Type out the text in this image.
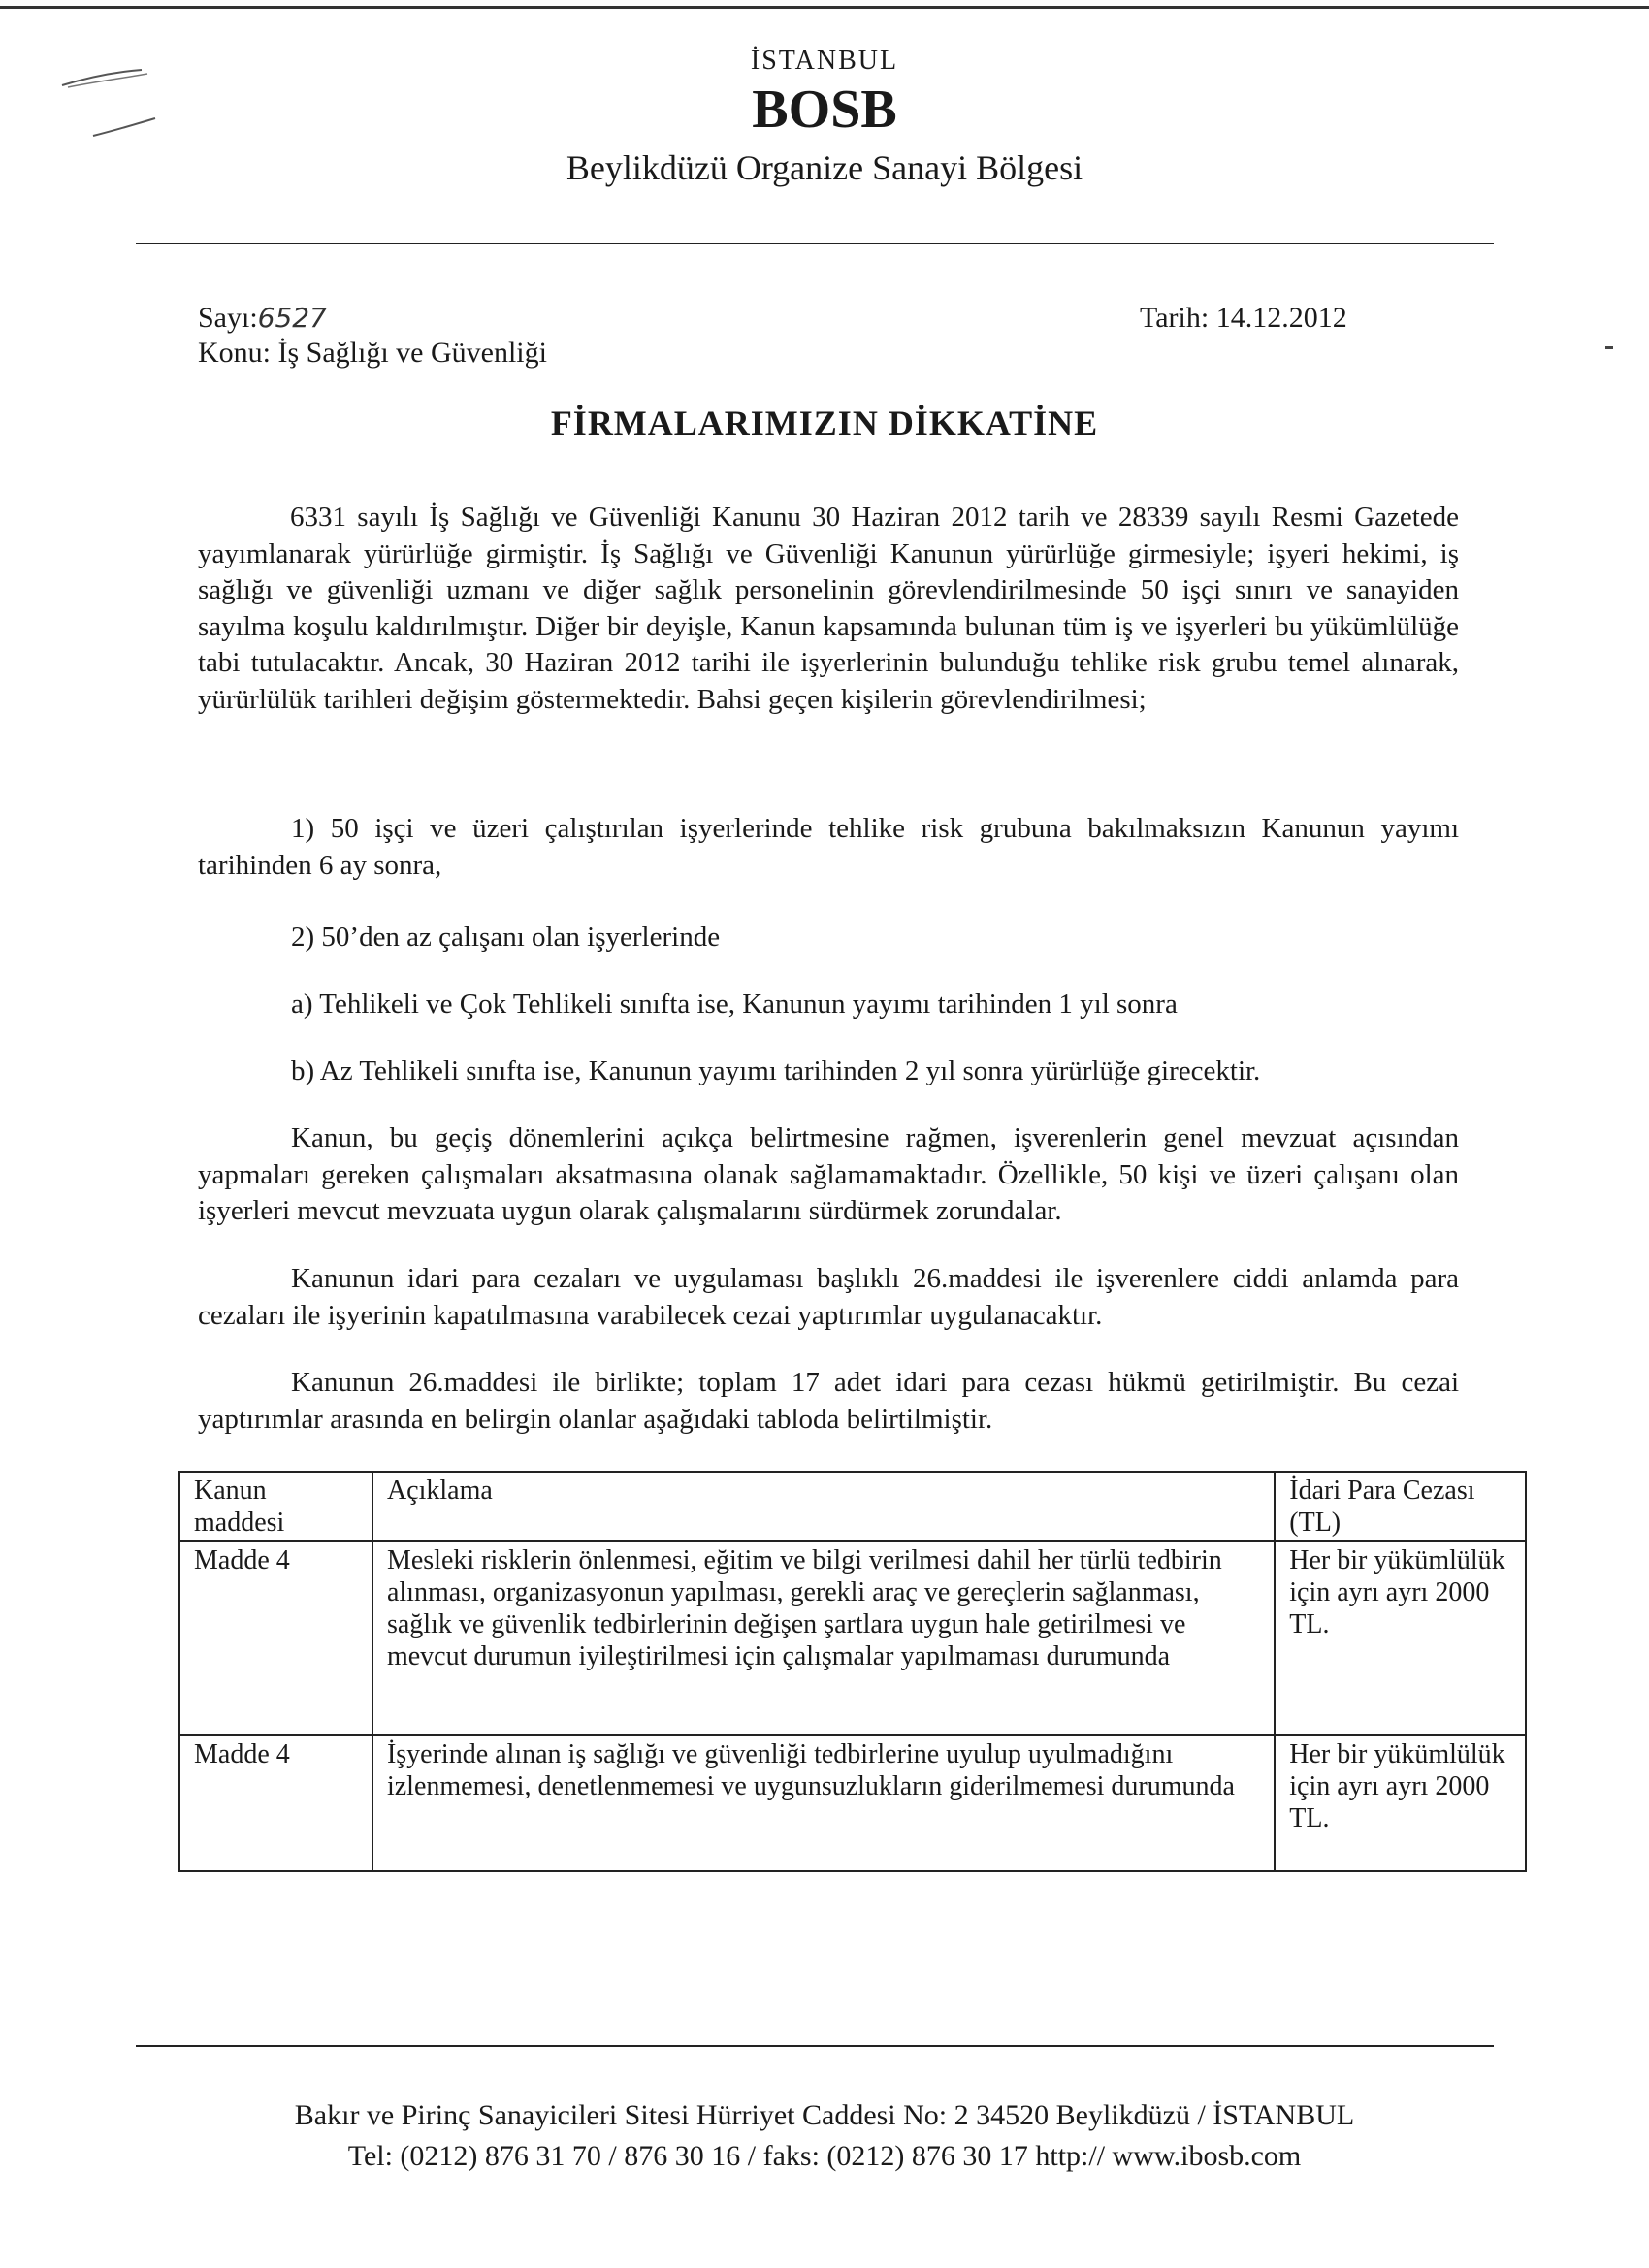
İSTANBUL
BOSB
Beylikdüzü Organize Sanayi Bölgesi
Sayı:6527
Konu: İş Sağlığı ve Güvenliği
Tarih: 14.12.2012
FİRMALARIMIZIN DİKKATİNE
6331 sayılı İş Sağlığı ve Güvenliği Kanunu 30 Haziran 2012 tarih ve 28339 sayılı Resmi Gazetede yayımlanarak yürürlüğe girmiştir. İş Sağlığı ve Güvenliği Kanunun yürürlüğe girmesiyle; işyeri hekimi, iş sağlığı ve güvenliği uzmanı ve diğer sağlık personelinin görevlendirilmesinde 50 işçi sınırı ve sanayiden sayılma koşulu kaldırılmıştır. Diğer bir deyişle, Kanun kapsamında bulunan tüm iş ve işyerleri bu yükümlülüğe tabi tutulacaktır. Ancak, 30 Haziran 2012 tarihi ile işyerlerinin bulunduğu tehlike risk grubu temel alınarak, yürürlülük tarihleri değişim göstermektedir. Bahsi geçen kişilerin görevlendirilmesi;
1) 50 işçi ve üzeri çalıştırılan işyerlerinde tehlike risk grubuna bakılmaksızın Kanunun yayımı tarihinden 6 ay sonra,
2) 50’den az çalışanı olan işyerlerinde
a) Tehlikeli ve Çok Tehlikeli sınıfta ise, Kanunun yayımı tarihinden 1 yıl sonra
b) Az Tehlikeli sınıfta ise, Kanunun yayımı tarihinden 2 yıl sonra yürürlüğe girecektir.
Kanun, bu geçiş dönemlerini açıkça belirtmesine rağmen, işverenlerin genel mevzuat açısından yapmaları gereken çalışmaları aksatmasına olanak sağlamamaktadır. Özellikle, 50 kişi ve üzeri çalışanı olan işyerleri mevcut mevzuata uygun olarak çalışmalarını sürdürmek zorundalar.
Kanunun idari para cezaları ve uygulaması başlıklı 26.maddesi ile işverenlere ciddi anlamda para cezaları ile işyerinin kapatılmasına varabilecek cezai yaptırımlar uygulanacaktır.
Kanunun 26.maddesi ile birlikte; toplam 17 adet idari para cezası hükmü getirilmiştir. Bu cezai yaptırımlar arasında en belirgin olanlar aşağıdaki tabloda belirtilmiştir.
Kanun maddesi	Açıklama	İdari Para Cezası (TL)
Madde 4	Mesleki risklerin önlenmesi, eğitim ve bilgi verilmesi dahil her türlü tedbirin alınması, organizasyonun yapılması, gerekli araç ve gereçlerin sağlanması, sağlık ve güvenlik tedbirlerinin değişen şartlara uygun hale getirilmesi ve mevcut durumun iyileştirilmesi için çalışmalar yapılmaması durumunda	Her bir yükümlülük için ayrı ayrı 2000 TL.
Madde 4	İşyerinde alınan iş sağlığı ve güvenliği tedbirlerine uyulup uyulmadığını izlenmemesi, denetlenmemesi ve uygunsuzlukların giderilmemesi durumunda	Her bir yükümlülük için ayrı ayrı 2000 TL.
Bakır ve Pirinç Sanayicileri Sitesi Hürriyet Caddesi No: 2 34520 Beylikdüzü / İSTANBUL
Tel: (0212) 876 31 70 / 876 30 16 / faks: (0212) 876 30 17 http:// www.ibosb.com
